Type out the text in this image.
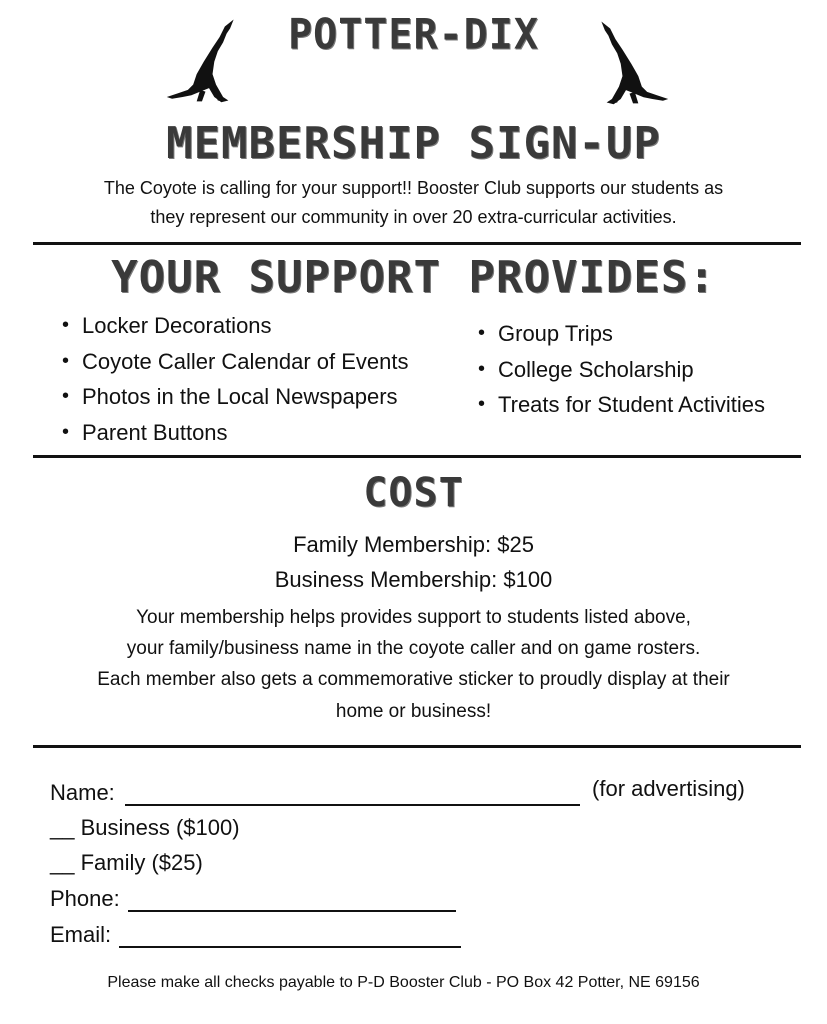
POTTER-DIX
MEMBERSHIP SIGN-UP
The Coyote is calling for your support!! Booster Club supports our students as
they represent our community in over 20 extra-curricular activities.
YOUR SUPPORT PROVIDES:
• Locker Decorations
• Coyote Caller Calendar of Events
• Photos in the Local Newspapers
• Parent Buttons
• Group Trips
• College Scholarship
• Treats for Student Activities
COST
Family Membership: $25
Business Membership: $100
Your membership helps provides support to students listed above,
your family/business name in the coyote caller and on game rosters.
Each member also gets a commemorative sticker to proudly display at their
home or business!
Name:	(for advertising)
__ Business ($100)
__ Family ($25)
Phone:
Email:
Please make all checks payable to P-D Booster Club - PO Box 42 Potter, NE 69156
